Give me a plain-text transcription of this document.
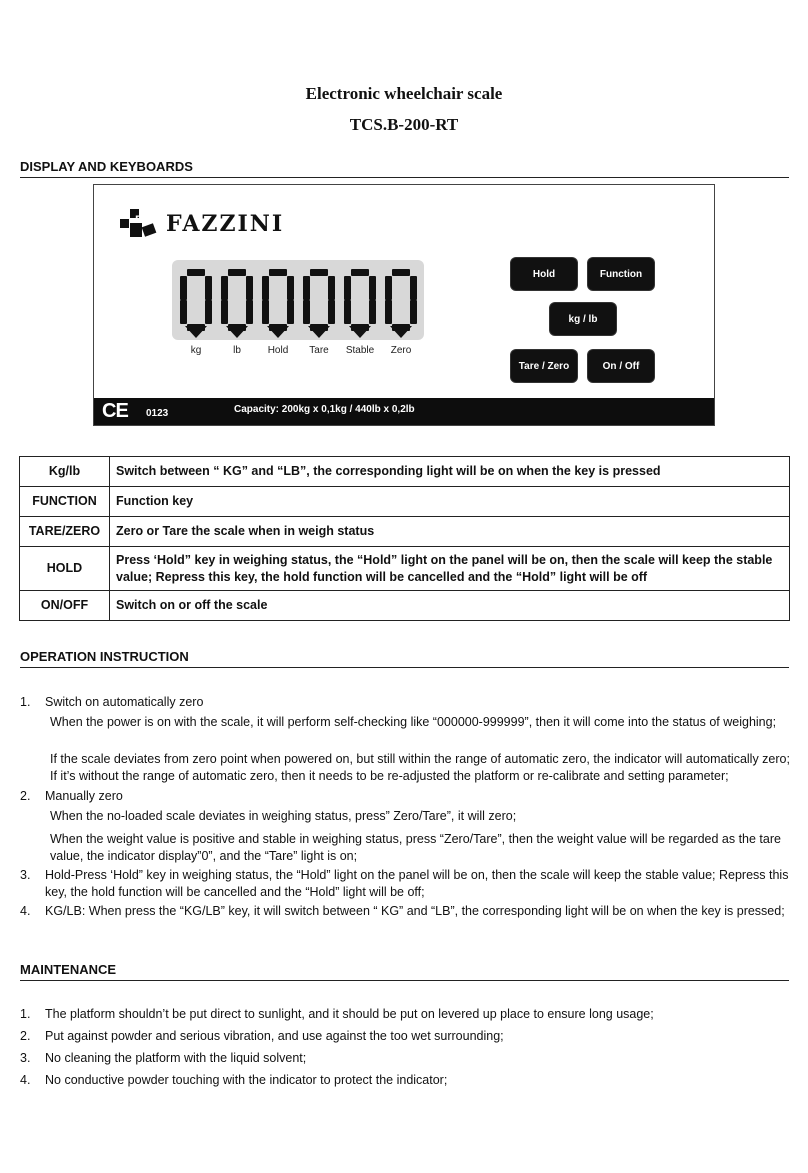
Electronic wheelchair scale
TCS.B-200-RT
DISPLAY AND KEYBOARDS
F FAZZINI
kg	lb	Hold	Tare	Stable	Zero
Hold	Function
kg / lb
Tare / Zero	On / Off
CE 0123	Capacity: 200kg x 0,1kg / 440lb x 0,2lb
Kg/lb	Switch between “ KG” and “LB”, the corresponding light will be on when the key is pressed
FUNCTION	Function key
TARE/ZERO	Zero or Tare the scale when in weigh status
HOLD	Press ‘Hold” key in weighing status, the “Hold” light on the panel will be on, then the scale will keep the stable value; Repress this key, the hold function will be cancelled and the “Hold” light will be off
ON/OFF	Switch on or off the scale
OPERATION INSTRUCTION
1. Switch on automatically zero
When the power is on with the scale, it will perform self-checking like “000000-999999”, then it will come into the status of weighing;
If the scale deviates from zero point when powered on, but still within the range of automatic zero, the indicator will automatically zero; If it’s without the range of automatic zero, then it needs to be re-adjusted the platform or re-calibrate and setting parameter;
2. Manually zero
When the no-loaded scale deviates in weighing status, press” Zero/Tare”, it will zero;
When the weight value is positive and stable in weighing status, press “Zero/Tare”, then the weight value will be regarded as the tare value, the indicator display”0”, and the “Tare” light is on;
3. Hold-Press ‘Hold” key in weighing status, the “Hold” light on the panel will be on, then the scale will keep the stable value; Repress this key, the hold function will be cancelled and the “Hold” light will be off;
4. KG/LB: When press the “KG/LB” key, it will switch between “ KG” and “LB”, the corresponding light will be on when the key is pressed;
MAINTENANCE
1. The platform shouldn’t be put direct to sunlight, and it should be put on levered up place to ensure long usage;
2. Put against powder and serious vibration, and use against the too wet surrounding;
3. No cleaning the platform with the liquid solvent;
4. No conductive powder touching with the indicator to protect the indicator;
